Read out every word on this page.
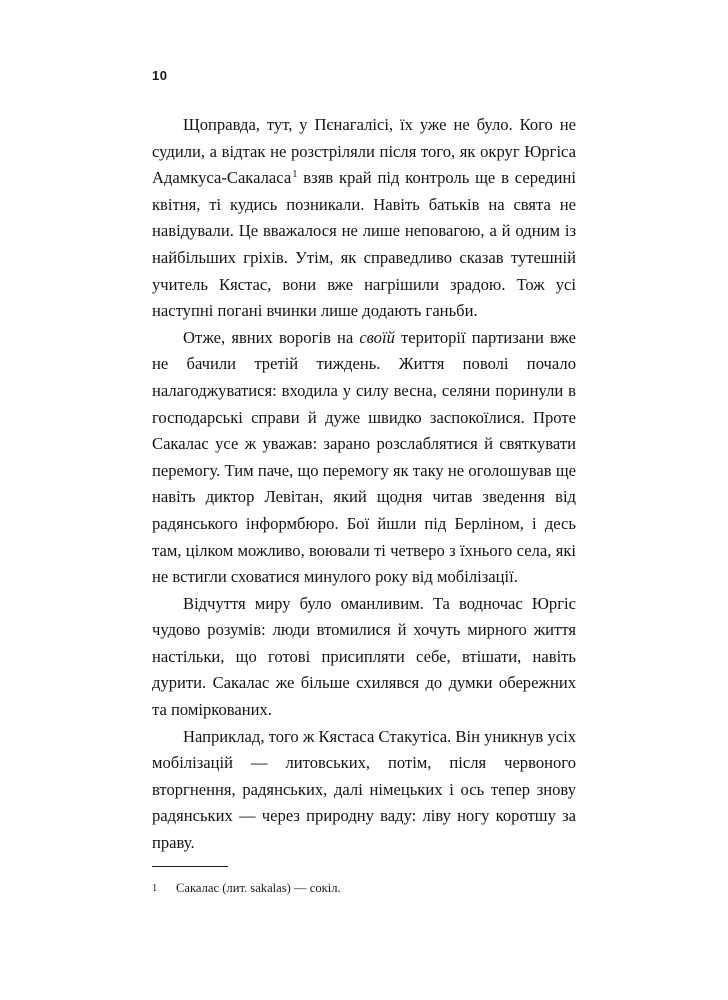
10

Щоправда, тут, у Пєнагалісі, їх уже не було. Кого не судили, а відтак не розстріляли після того, як округ Юргіса Адамкуса-Сакаласа$^1$ взяв край під контроль ще в середині квітня, ті кудись позникали. Навіть батьків на свята не навідували. Це вважалося не лише неповагою, а й одним із найбільших гріхів. Утім, як справедливо сказав тутешній учитель Кястас, вони вже нагрішили зрадою. Тож усі наступні погані вчинки лише додають ганьби.

Отже, явних ворогів на своїй території партизани вже не бачили третій тиждень. Життя поволі почало налагоджуватися: входила у силу весна, селяни поринули в господарські справи й дуже швидко заспокоїлися. Проте Сакалас усе ж уважав: зарано розслаблятися й святкувати перемогу. Тим паче, що перемогу як таку не оголошував ще навіть диктор Левітан, який щодня читав зведення від радянського інформбюро. Бої йшли під Берліном, і десь там, цілком можливо, воювали ті четверо з їхнього села, які не встигли сховатися минулого року від мобілізації.

Відчуття миру було оманливим. Та водночас Юргіс чудово розумів: люди втомилися й хочуть мирного життя настільки, що готові присипляти себе, втішати, навіть дурити. Сакалас же більше схилявся до думки обережних та поміркованих.

Наприклад, того ж Кястаса Стакутіса. Він уникнув усіх мобілізацій — литовських, потім, після червоного вторгнення, радянських, далі німецьких і ось тепер знову радянських — через природну ваду: ліву ногу коротшу за праву.

1	Сакалас (лит. sakalas) — сокіл.
